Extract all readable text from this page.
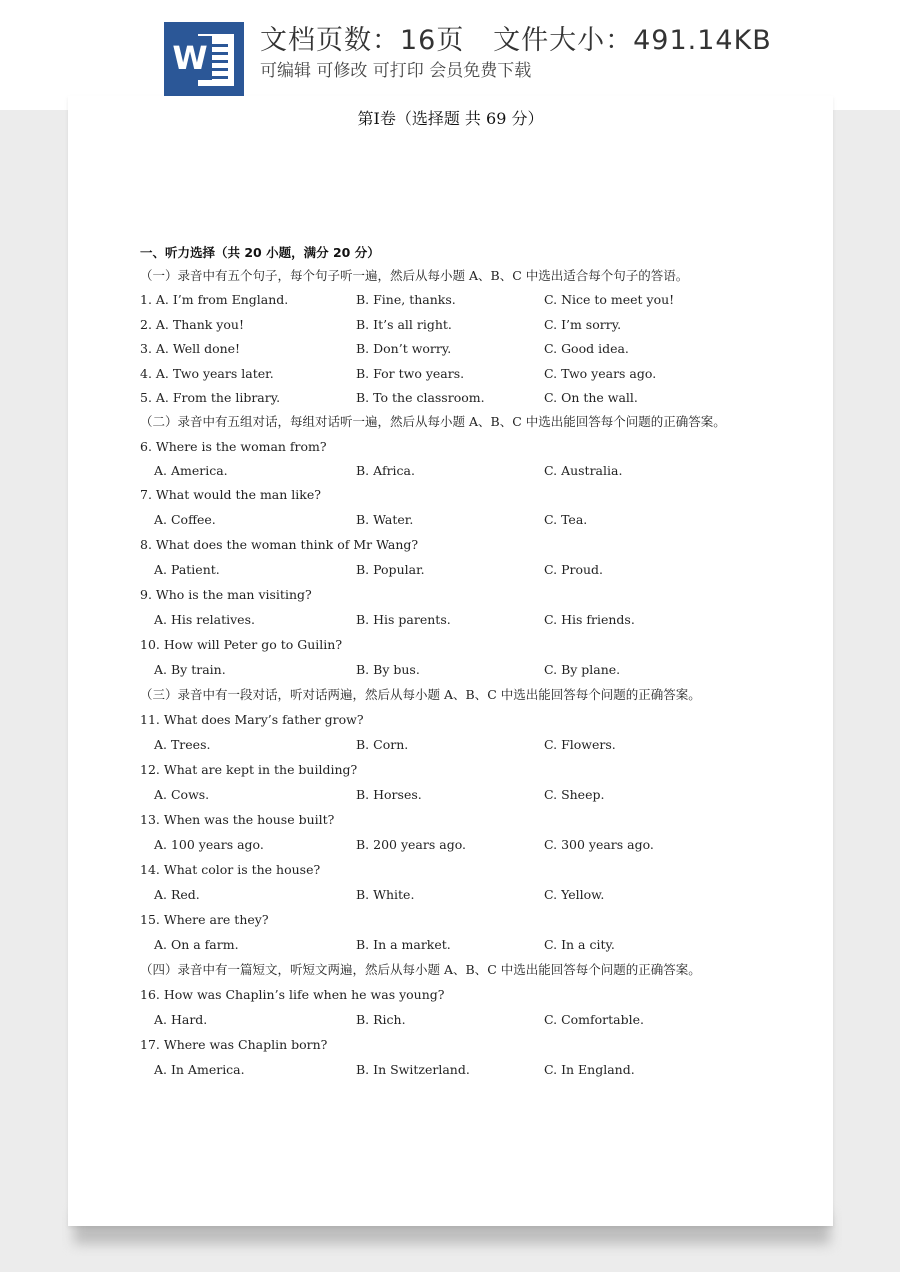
W 文档页数：16页   文件大小：491.14KB
可编辑 可修改 可打印 会员免费下载
第Ⅰ卷（选择题 共 69 分）
一、听力选择（共 20 小题，满分 20 分）
（一）录音中有五个句子，每个句子听一遍，然后从每小题 A、B、C 中选出适合每个句子的答语。
（二）录音中有五组对话，每组对话听一遍，然后从每小题 A、B、C 中选出能回答每个问题的正确答案。
（三）录音中有一段对话，听对话两遍，然后从每小题 A、B、C 中选出能回答每个问题的正确答案。
（四）录音中有一篇短文，听短文两遍，然后从每小题 A、B、C 中选出能回答每个问题的正确答案。
1. A. I’m from England.	B. Fine, thanks.	C. Nice to meet you!
2. A. Thank you!	B. It’s all right.	C. I’m sorry.
3. A. Well done!	B. Don’t worry.	C. Good idea.
4. A. Two years later.	B. For two years.	C. Two years ago.
5. A. From the library.	B. To the classroom.	C. On the wall.
6. Where is the woman from?
A. America.	B. Africa.	C. Australia.
7. What would the man like?
A. Coffee.	B. Water.	C. Tea.
8. What does the woman think of Mr Wang?
A. Patient.	B. Popular.	C. Proud.
9. Who is the man visiting?
A. His relatives.	B. His parents.	C. His friends.
10. How will Peter go to Guilin?
A. By train.	B. By bus.	C. By plane.
11. What does Mary’s father grow?
A. Trees.	B. Corn.	C. Flowers.
12. What are kept in the building?
A. Cows.	B. Horses.	C. Sheep.
13. When was the house built?
A. 100 years ago.	B. 200 years ago.	C. 300 years ago.
14. What color is the house?
A. Red.	B. White.	C. Yellow.
15. Where are they?
A. On a farm.	B. In a market.	C. In a city.
16. How was Chaplin’s life when he was young?
A. Hard.	B. Rich.	C. Comfortable.
17. Where was Chaplin born?
A. In America.	B. In Switzerland.	C. In England.
